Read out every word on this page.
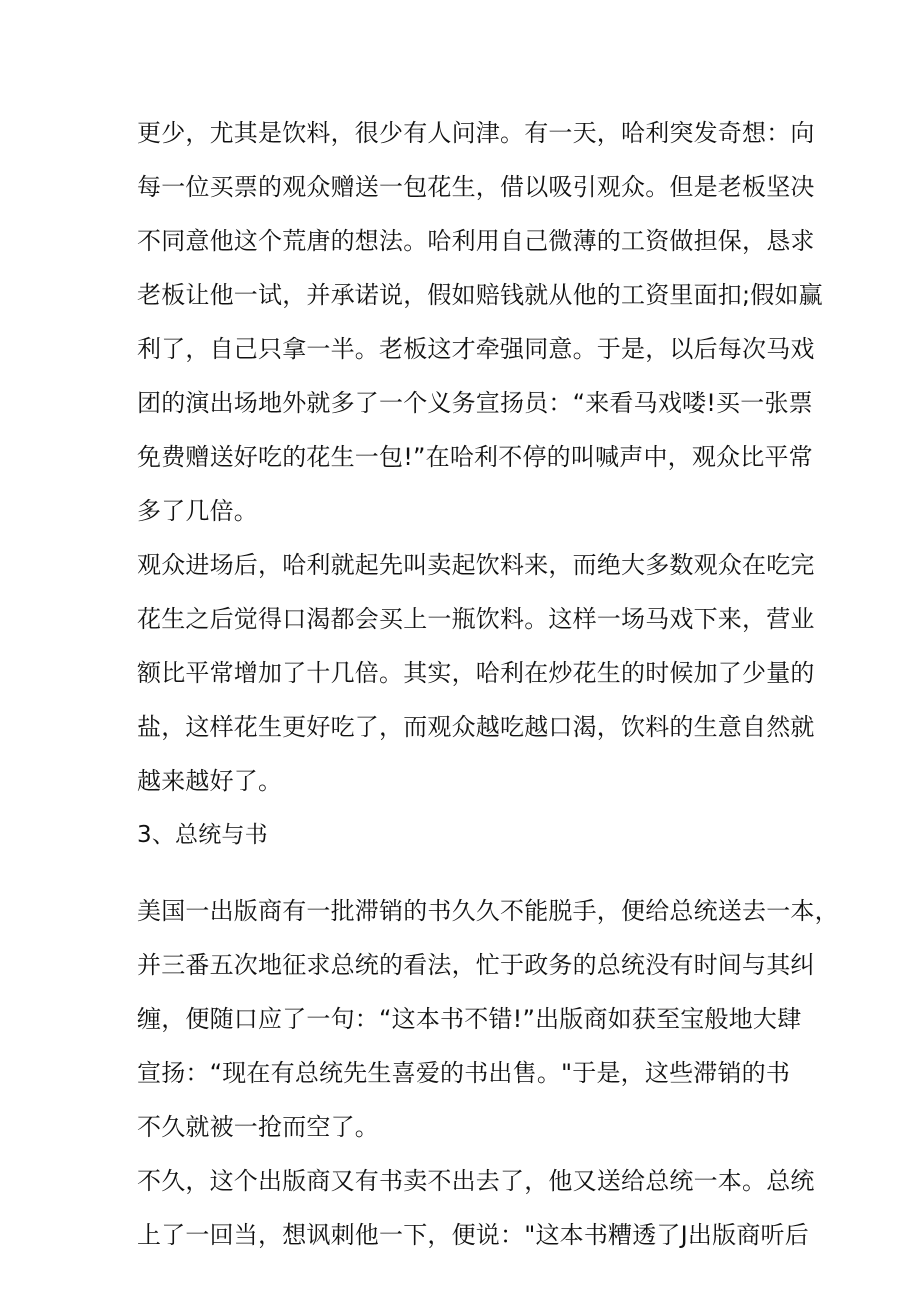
更少，尤其是饮料，很少有人问津。有一天，哈利突发奇想：向
每一位买票的观众赠送一包花生，借以吸引观众。但是老板坚决
不同意他这个荒唐的想法。哈利用自己微薄的工资做担保，恳求
老板让他一试，并承诺说，假如赔钱就从他的工资里面扣;假如赢
利了，自己只拿一半。老板这才牵强同意。于是，以后每次马戏
团的演出场地外就多了一个义务宣扬员：“来看马戏喽!买一张票
免费赠送好吃的花生一包!”在哈利不停的叫喊声中，观众比平常
多了几倍。
观众进场后，哈利就起先叫卖起饮料来，而绝大多数观众在吃完
花生之后觉得口渴都会买上一瓶饮料。这样一场马戏下来，营业
额比平常增加了十几倍。其实，哈利在炒花生的时候加了少量的
盐，这样花生更好吃了，而观众越吃越口渴，饮料的生意自然就
越来越好了。
3、总统与书
美国一出版商有一批滞销的书久久不能脱手，便给总统送去一本，
并三番五次地征求总统的看法，忙于政务的总统没有时间与其纠
缠，便随口应了一句：“这本书不错!”出版商如获至宝般地大肆
宣扬：“现在有总统先生喜爱的书出售。"于是，这些滞销的书
不久就被一抢而空了。
不久，这个出版商又有书卖不出去了，他又送给总统一本。总统
上了一回当，想讽刺他一下，便说："这本书糟透了J出版商听后
